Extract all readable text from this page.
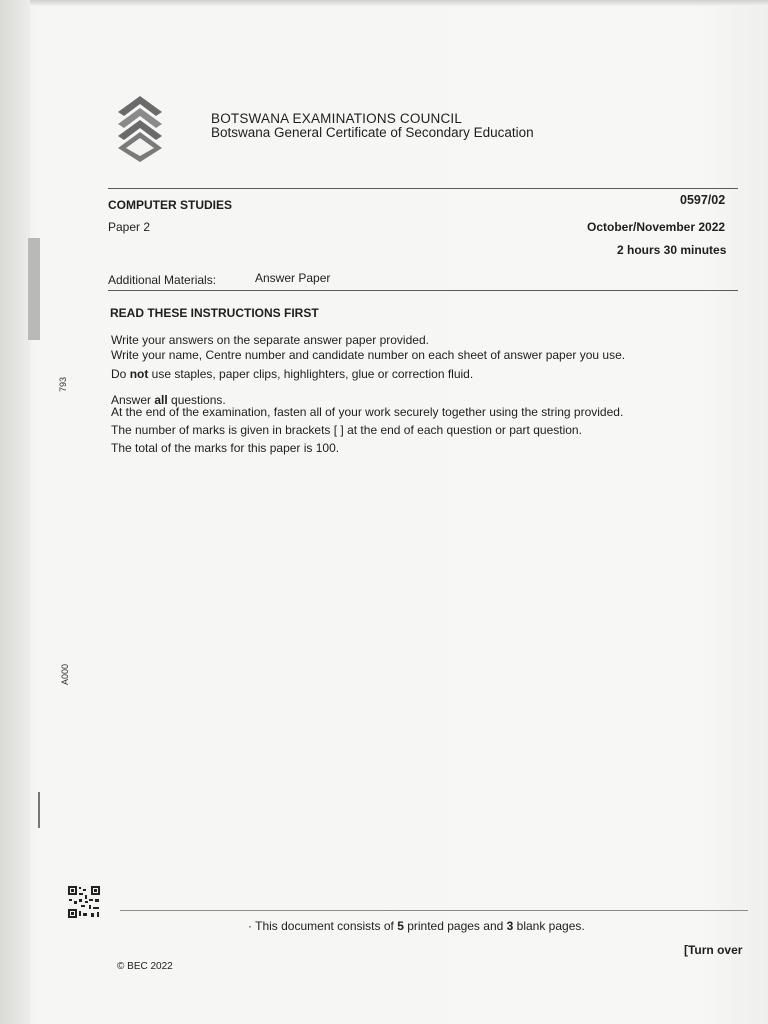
BOTSWANA EXAMINATIONS COUNCIL
Botswana General Certificate of Secondary Education
COMPUTER STUDIES	0597/02
Paper 2	October/November 2022
2 hours 30 minutes
Additional Materials:	Answer Paper
READ THESE INSTRUCTIONS FIRST
Write your answers on the separate answer paper provided.
Write your name, Centre number and candidate number on each sheet of answer paper you use.
Do not use staples, paper clips, highlighters, glue or correction fluid.
Answer all questions.
At the end of the examination, fasten all of your work securely together using the string provided.
The number of marks is given in brackets [ ] at the end of each question or part question.
The total of the marks for this paper is 100.
793
A000
· This document consists of 5 printed pages and 3 blank pages.
[Turn over
© BEC 2022
